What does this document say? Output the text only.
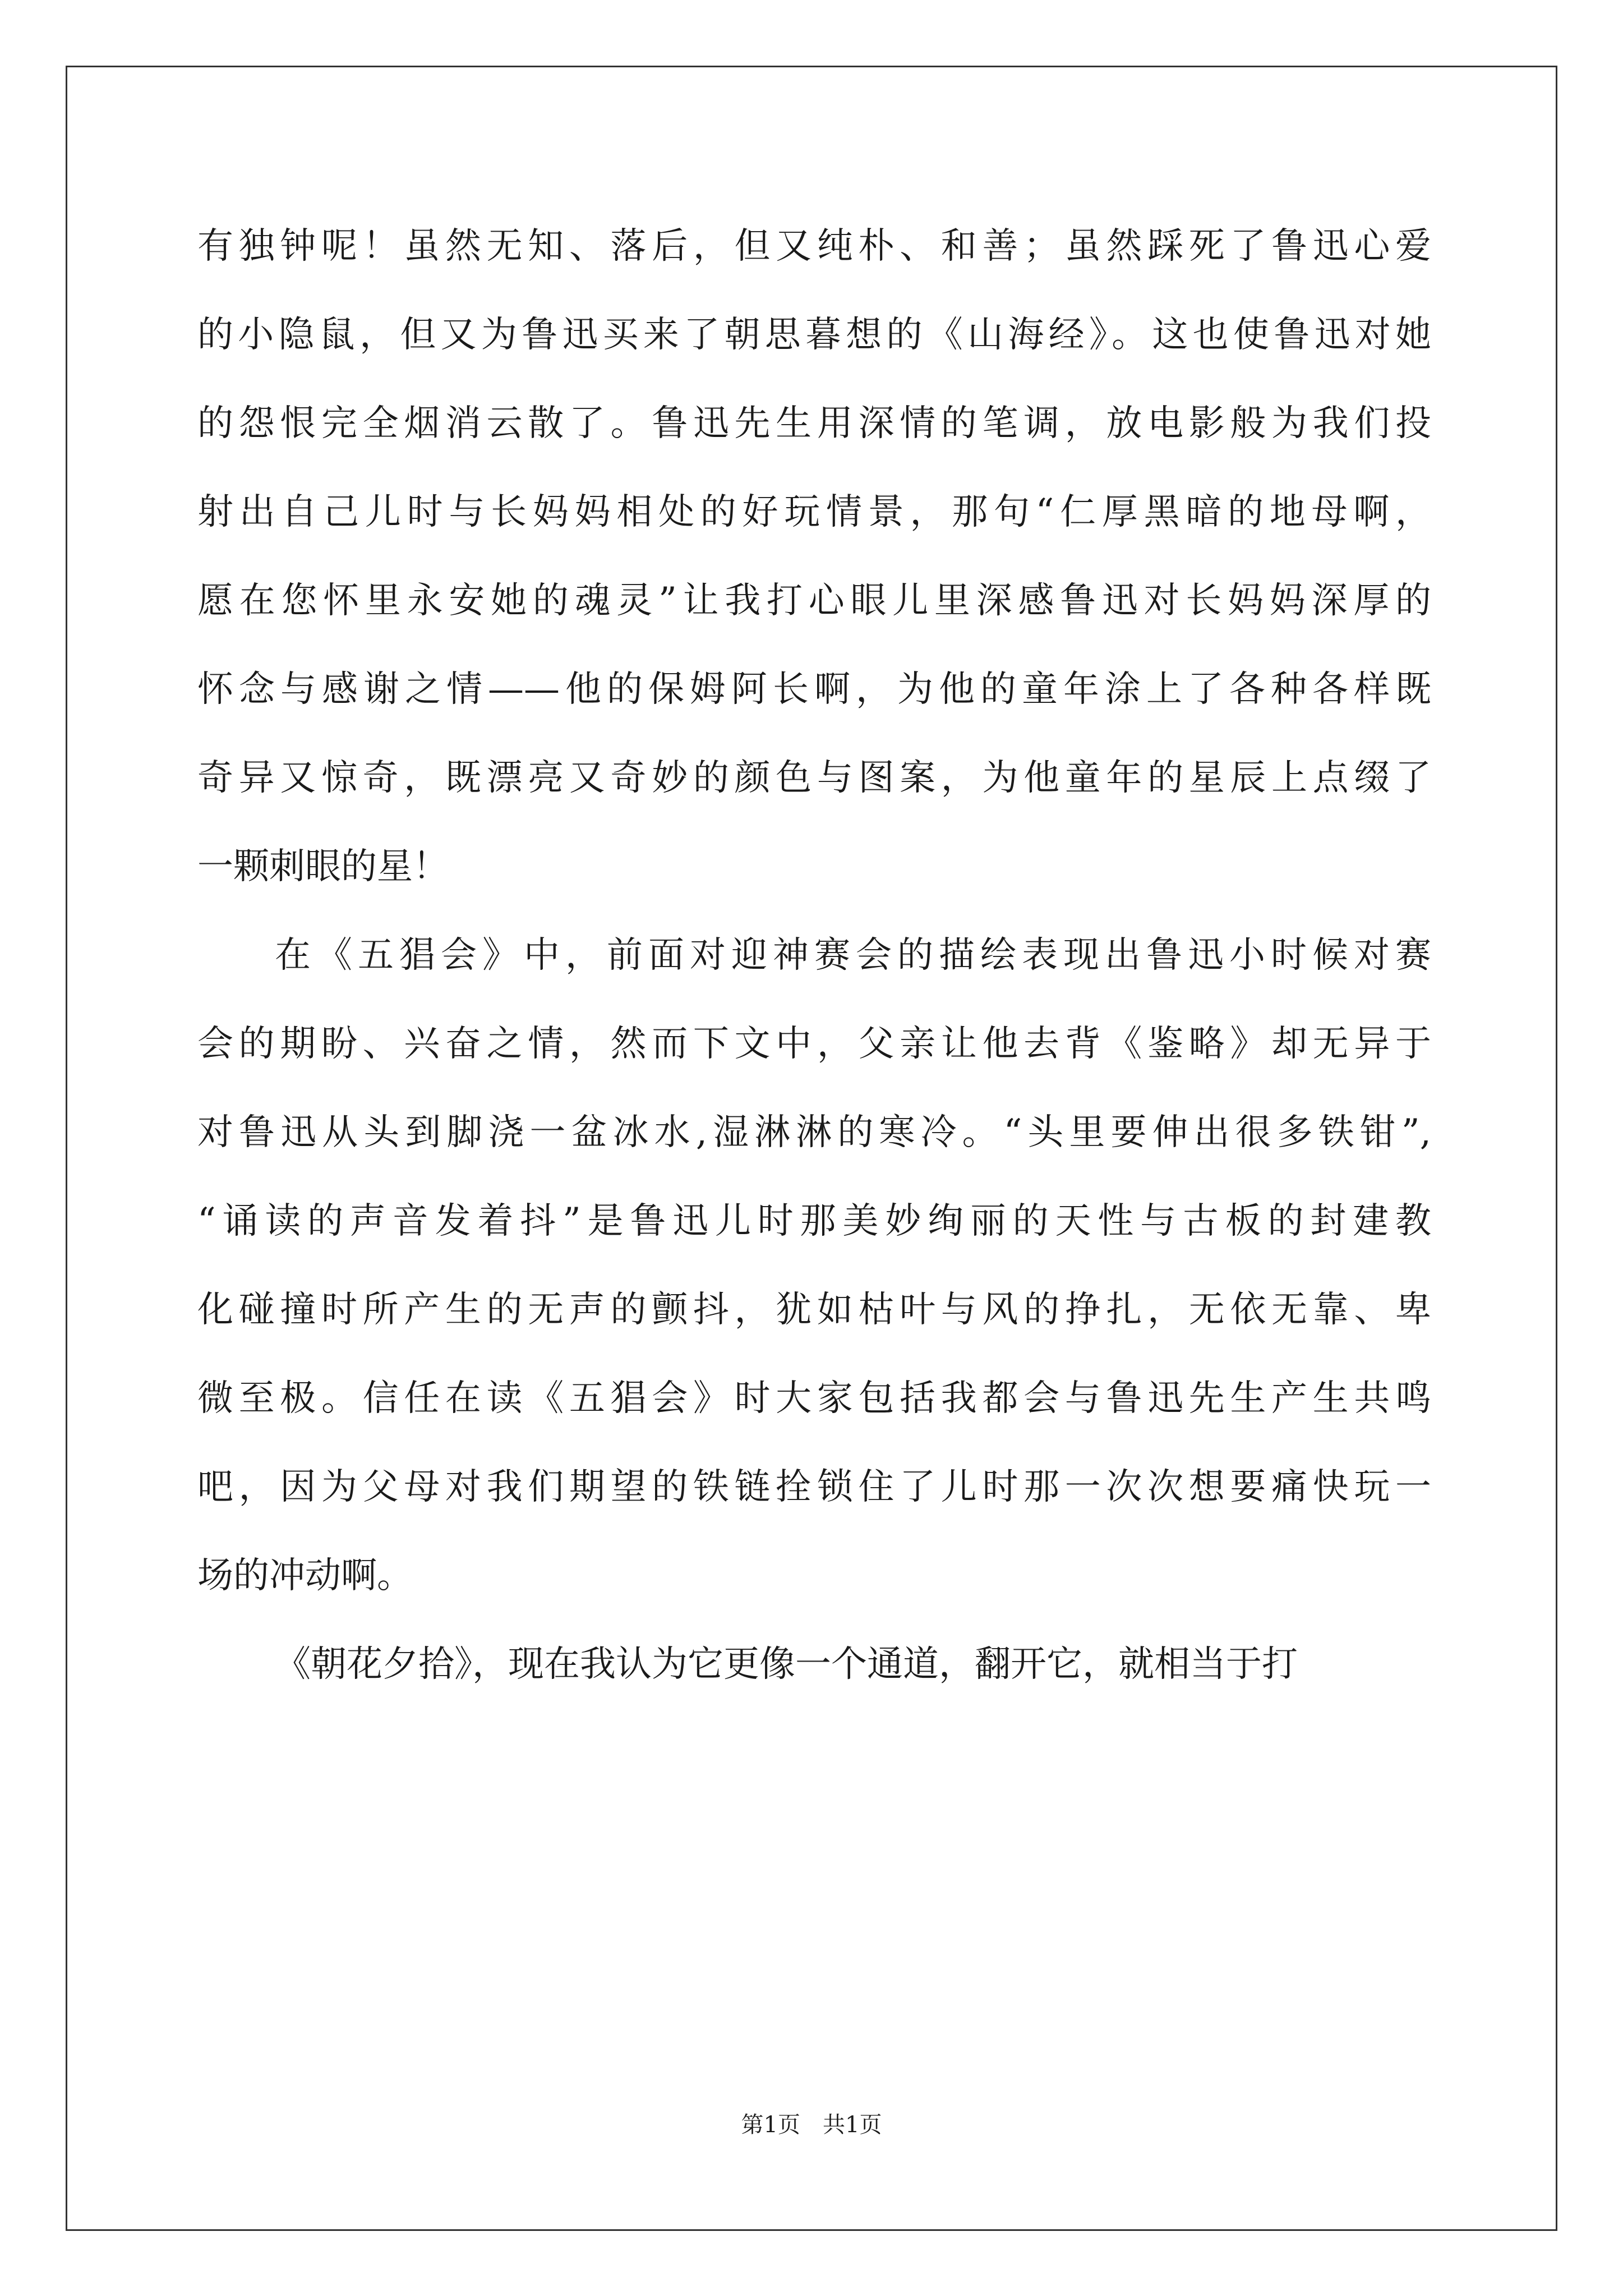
有独钟呢！虽然无知、落后，但又纯朴、和善；虽然踩死了鲁迅心爱
的小隐鼠，但又为鲁迅买来了朝思暮想的《山海经》。这也使鲁迅对她
的怨恨完全烟消云散了。鲁迅先生用深情的笔调，放电影般为我们投
射出自己儿时与长妈妈相处的好玩情景，那句“仁厚黑暗的地母啊，
愿在您怀里永安她的魂灵”让我打心眼儿里深感鲁迅对长妈妈深厚的
怀念与感谢之情——他的保姆阿长啊，为他的童年涂上了各种各样既
奇异又惊奇，既漂亮又奇妙的颜色与图案，为他童年的星辰上点缀了
一颗刺眼的星！
在《五猖会》中，前面对迎神赛会的描绘表现出鲁迅小时候对赛
会的期盼、兴奋之情，然而下文中，父亲让他去背《鉴略》却无异于
对鲁迅从头到脚浇一盆冰水,湿淋淋的寒冷。“头里要伸出很多铁钳”,
“诵读的声音发着抖”是鲁迅儿时那美妙绚丽的天性与古板的封建教
化碰撞时所产生的无声的颤抖，犹如枯叶与风的挣扎，无依无靠、卑
微至极。信任在读《五猖会》时大家包括我都会与鲁迅先生产生共鸣
吧，因为父母对我们期望的铁链拴锁住了儿时那一次次想要痛快玩一
场的冲动啊。
《朝花夕拾》，现在我认为它更像一个通道，翻开它，就相当于打
第1页　共1页
